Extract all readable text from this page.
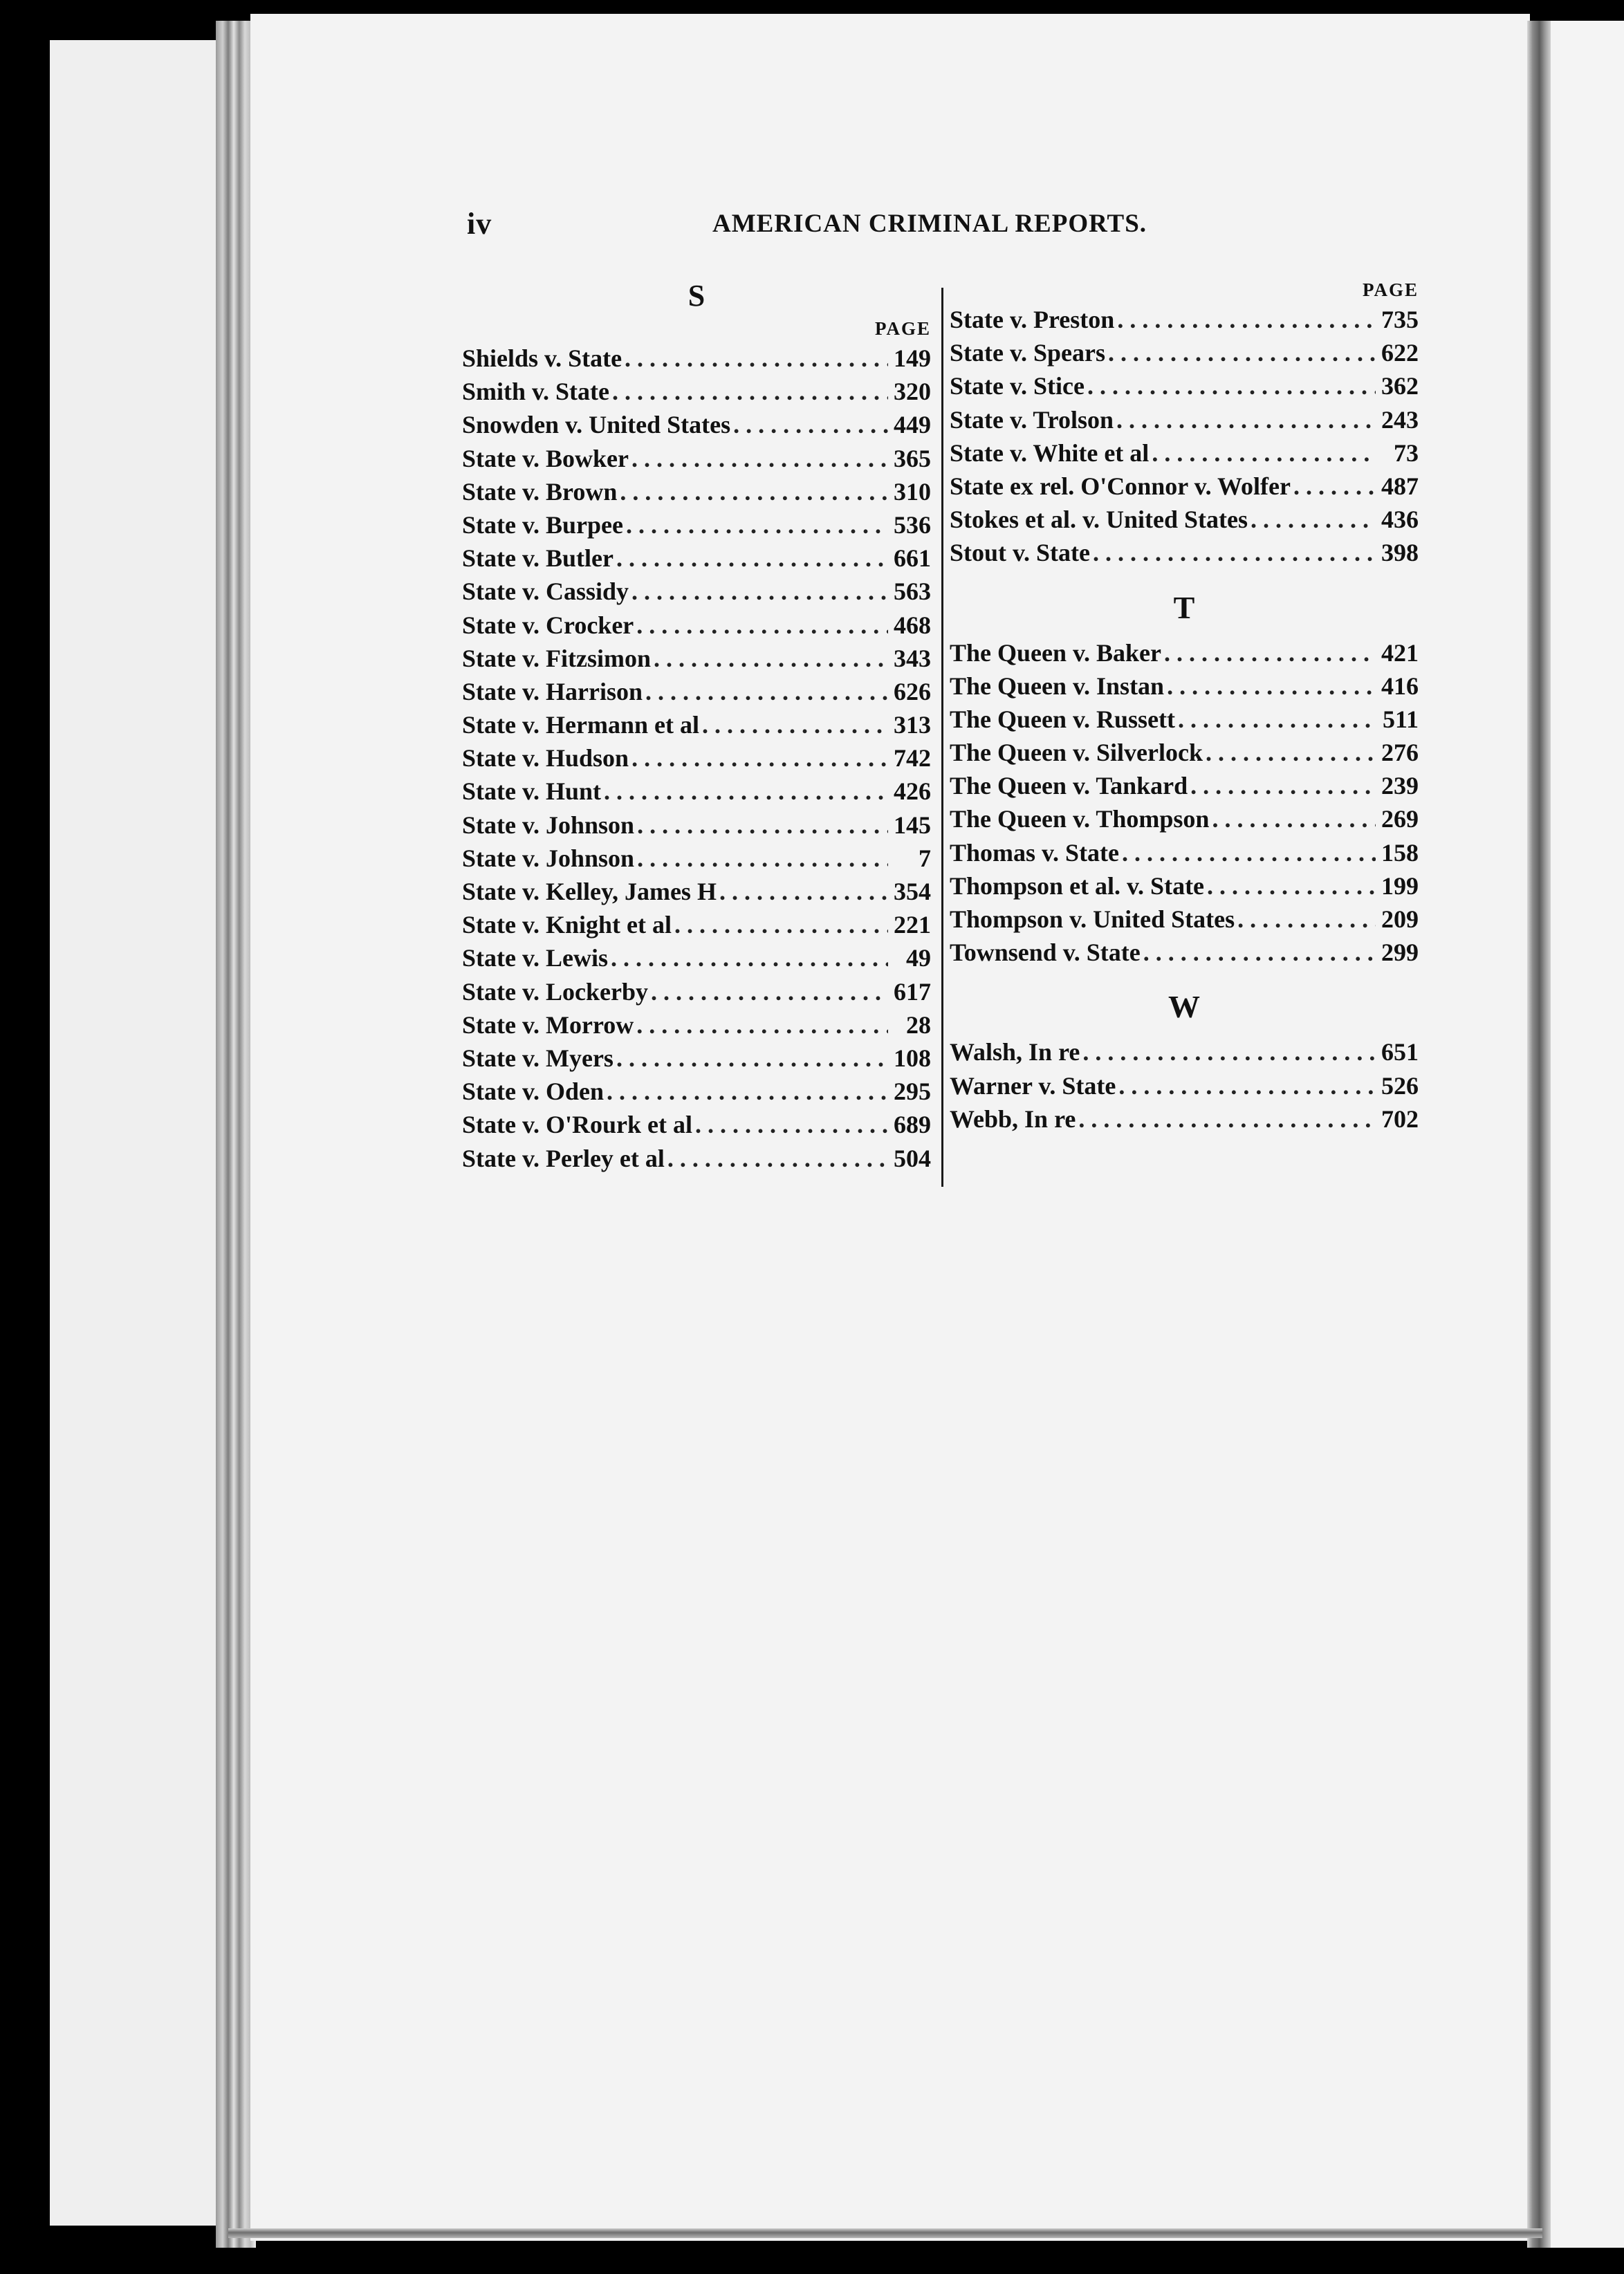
iv	AMERICAN CRIMINAL REPORTS.
S
PAGE
Shields v. State . . .	149
Smith v. State . . .	320
Snowden v. United States . . .	449
State v. Bowker . . .	365
State v. Brown . . .	310
State v. Burpee . . .	536
State v. Butler . . .	661
State v. Cassidy . . .	563
State v. Crocker . . .	468
State v. Fitzsimon . . .	343
State v. Harrison . . .	626
State v. Hermann et al . . .	313
State v. Hudson . . .	742
State v. Hunt . . .	426
State v. Johnson . . .	145
State v. Johnson . . .	7
State v. Kelley, James H . . .	354
State v. Knight et al . . .	221
State v. Lewis . . .	49
State v. Lockerby . . .	617
State v. Morrow . . .	28
State v. Myers . . .	108
State v. Oden . . .	295
State v. O'Rourk et al . . .	689
State v. Perley et al . . .	504
PAGE
State v. Preston . . .	735
State v. Spears . . .	622
State v. Stice . . .	362
State v. Trolson . . .	243
State v. White et al . . .	73
State ex rel. O'Connor v. Wolfer . . .	487
Stokes et al. v. United States . . .	436
Stout v. State . . .	398
T
The Queen v. Baker . . .	421
The Queen v. Instan . . .	416
The Queen v. Russett . . .	511
The Queen v. Silverlock . . .	276
The Queen v. Tankard . . .	239
The Queen v. Thompson . . .	269
Thomas v. State . . .	158
Thompson et al. v. State . . .	199
Thompson v. United States . . .	209
Townsend v. State . . .	299
W
Walsh, In re . . .	651
Warner v. State . . .	526
Webb, In re . . .	702
